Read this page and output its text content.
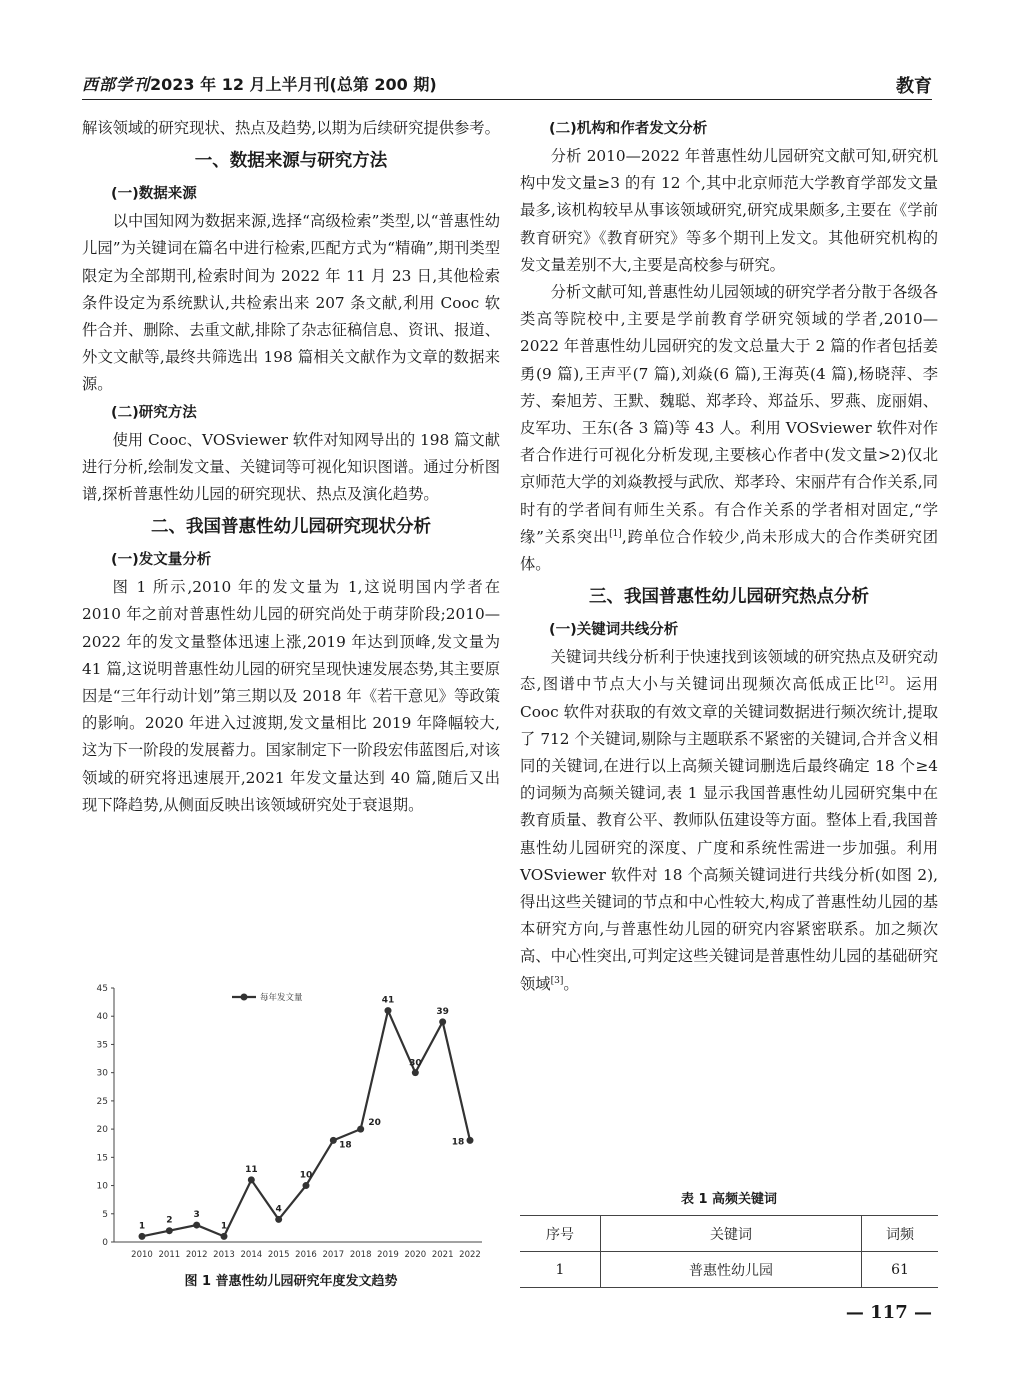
西部学刊2023 年 12 月上半月刊(总第 200 期)	教育

解该领域的研究现状、热点及趋势,以期为后续研究提供参考。

一、数据来源与研究方法
(一)数据来源

以中国知网为数据来源,选择“高级检索”类型,以“普惠性幼儿园”为关键词在篇名中进行检索,匹配方式为“精确”,期刊类型限定为全部期刊,检索时间为 2022 年 11 月 23 日,其他检索条件设定为系统默认,共检索出来 207 条文献,利用 Cooc 软件合并、删除、去重文献,排除了杂志征稿信息、资讯、报道、外文文献等,最终共筛选出 198 篇相关文献作为文章的数据来源。

(二)研究方法

使用 Cooc、VOSviewer 软件对知网导出的 198 篇文献进行分析,绘制发文量、关键词等可视化知识图谱。通过分析图谱,探析普惠性幼儿园的研究现状、热点及演化趋势。

二、我国普惠性幼儿园研究现状分析
(一)发文量分析

图 1 所示,2010 年的发文量为 1,这说明国内学者在 2010 年之前对普惠性幼儿园的研究尚处于萌芽阶段;2010—2022 年的发文量整体迅速上涨,2019 年达到顶峰,发文量为 41 篇,这说明普惠性幼儿园的研究呈现快速发展态势,其主要原因是“三年行动计划”第三期以及 2018 年《若干意见》等政策的影响。2020 年进入过渡期,发文量相比 2019 年降幅较大,这为下一阶段的发展蓄力。国家制定下一阶段宏伟蓝图后,对该领域的研究将迅速展开,2021 年发文量达到 40 篇,随后又出现下降趋势,从侧面反映出该领域研究处于衰退期。

0
5
10
15
20
25
30
35
40
45
2010 2011 2012 2013 2014 2015 2016 2017 2018 2019 2020 2021 2022
1
2
3
1
11
4
10
18
20
41
30
39
18
每年发文量
图 1 普惠性幼儿园研究年度发文趋势
(二)机构和作者发文分析

分析 2010—2022 年普惠性幼儿园研究文献可知,研究机构中发文量≥3 的有 12 个,其中北京师范大学教育学部发文量最多,该机构较早从事该领域研究,研究成果颇多,主要在《学前教育研究》《教育研究》等多个期刊上发文。其他研究机构的发文量差别不大,主要是高校参与研究。

分析文献可知,普惠性幼儿园领域的研究学者分散于各级各类高等院校中,主要是学前教育学研究领域的学者,2010—2022 年普惠性幼儿园研究的发文总量大于 2 篇的作者包括姜勇(9 篇),王声平(7 篇),刘焱(6 篇),王海英(4 篇),杨晓萍、李芳、秦旭芳、王默、魏聪、郑孝玲、郑益乐、罗燕、庞丽娟、皮军功、王东(各 3 篇)等 43 人。利用 VOSviewer 软件对作者合作进行可视化分析发现,主要核心作者中(发文量>2)仅北京师范大学的刘焱教授与武欣、郑孝玲、宋丽芹有合作关系,同时有的学者间有师生关系。有合作关系的学者相对固定,“学缘”关系突出[1],跨单位合作较少,尚未形成大的合作类研究团体。

三、我国普惠性幼儿园研究热点分析
(一)关键词共线分析

关键词共线分析利于快速找到该领域的研究热点及研究动态,图谱中节点大小与关键词出现频次高低成正比[2]。运用 Cooc 软件对获取的有效文章的关键词数据进行频次统计,提取了 712 个关键词,剔除与主题联系不紧密的关键词,合并含义相同的关键词,在进行以上高频关键词删选后最终确定 18 个≥4 的词频为高频关键词,表 1 显示我国普惠性幼儿园研究集中在教育质量、教育公平、教师队伍建设等方面。整体上看,我国普惠性幼儿园研究的深度、广度和系统性需进一步加强。利用 VOSviewer 软件对 18 个高频关键词进行共线分析(如图 2),得出这些关键词的节点和中心性较大,构成了普惠性幼儿园的基本研究方向,与普惠性幼儿园的研究内容紧密联系。加之频次高、中心性突出,可判定这些关键词是普惠性幼儿园的基础研究领域[3]。

表 1 高频关键词
序号	关键词	词频
1	普惠性幼儿园	61
— 117 —
